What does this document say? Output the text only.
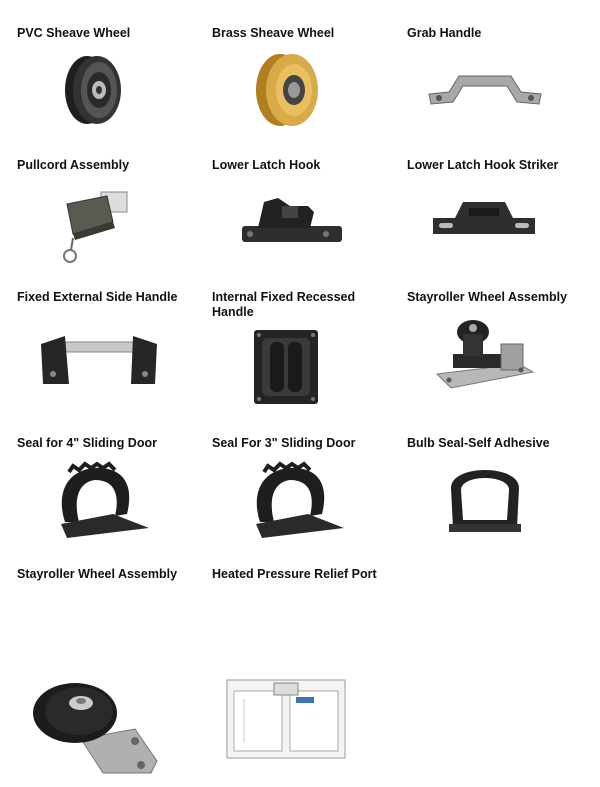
PVC Sheave Wheel	Brass Sheave Wheel	Grab Handle
Pullcord Assembly	Lower Latch Hook	Lower Latch Hook Striker
Fixed External Side Handle	Internal Fixed Recessed Handle
Stayroller Wheel Assembly
Seal for 4" Sliding Door	Seal For 3" Sliding Door	Bulb Seal-Self Adhesive
Stayroller Wheel Assembly	Heated Pressure Relief Port
